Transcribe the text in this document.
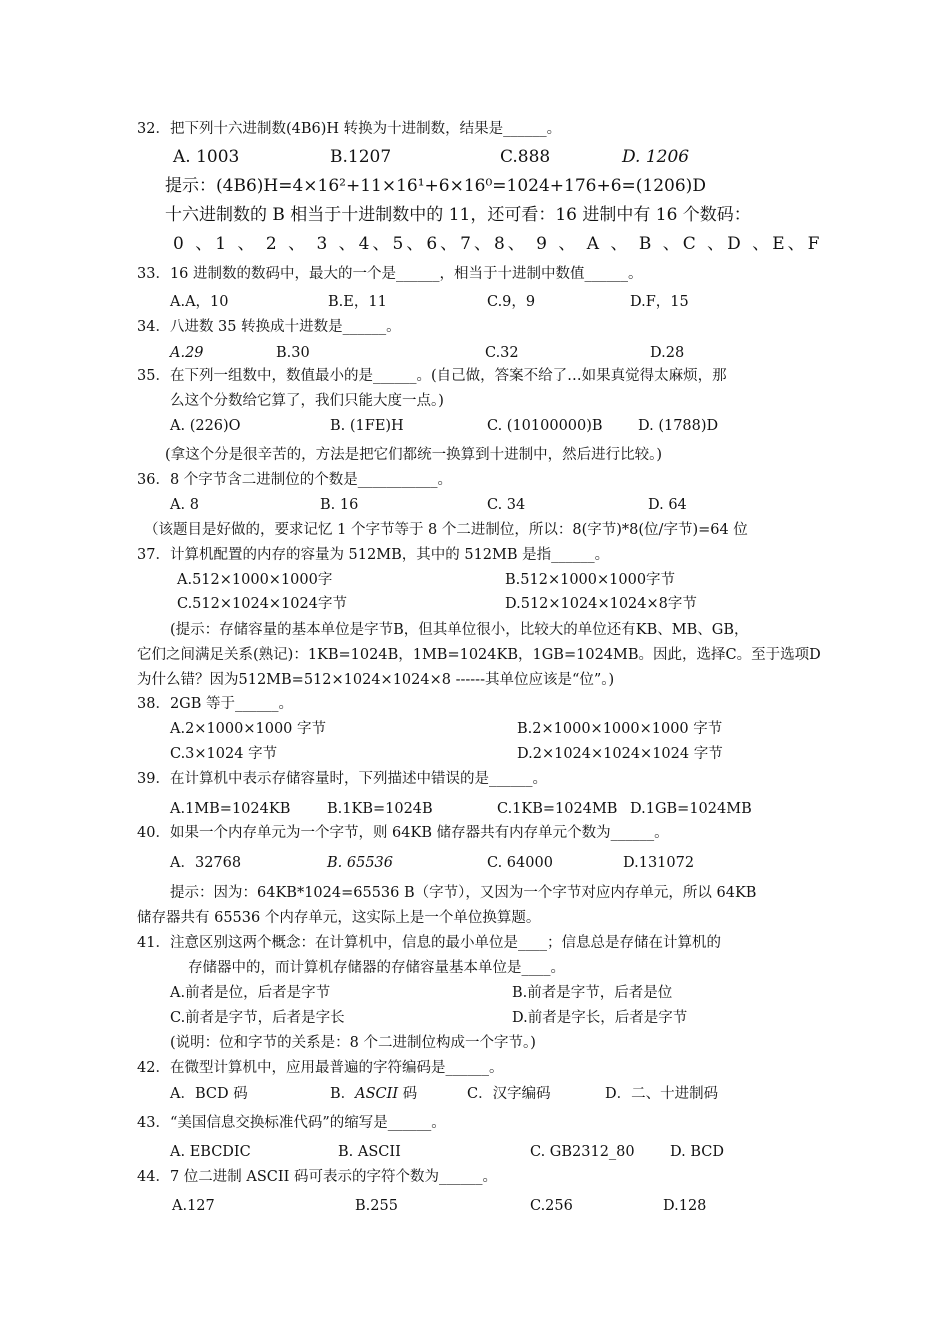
32．把下列十六进制数(4B6)H 转换为十进制数，结果是______。
A. 1003	B.1207	C.888	D. 1206
提示：(4B6)H=4×16²+11×16¹+6×16⁰=1024+176+6=(1206)D
十六进制数的 B 相当于十进制数中的 11，还可看：16 进制中有 16 个数码：
0 、1 、 2 、 3 、4、5、6、7、8、 9 、 A 、 B 、C 、D 、E、F
33．16 进制数的数码中，最大的一个是______，相当于十进制中数值______。
A.A，10	B.E，11	C.9，9	D.F，15
34．八进数 35 转换成十进数是______。
A.29	B.30	C.32	D.28
35．在下列一组数中，数值最小的是______。(自己做，答案不给了…如果真觉得太麻烦，那
么这个分数给它算了，我们只能大度一点。)
A. (226)O	B. (1FE)H	C. (10100000)B D. (1788)D
(拿这个分是很辛苦的，方法是把它们都统一换算到十进制中，然后进行比较。)
36．8 个字节含二进制位的个数是___________。
A. 8	B. 16	C. 34	D. 64
（该题目是好做的，要求记忆 1 个字节等于 8 个二进制位，所以：8(字节)*8(位/字节)=64 位
37．计算机配置的内存的容量为 512MB，其中的 512MB 是指______。
A.512×1000×1000字	B.512×1000×1000字节
C.512×1024×1024字节	D.512×1024×1024×8字节
(提示：存储容量的基本单位是字节B，但其单位很小，比较大的单位还有KB、MB、GB，
它们之间满足关系(熟记)：1KB=1024B，1MB=1024KB，1GB=1024MB。因此，选择C。至于选项D
为什么错？因为512MB=512×1024×1024×8 ------其单位应该是“位”。)
38．2GB 等于______。
A.2×1000×1000 字节	B.2×1000×1000×1000 字节
C.3×1024 字节	D.2×1024×1024×1024 字节
39．在计算机中表示存储容量时，下列描述中错误的是______。
A.1MB=1024KB	B.1KB=1024B	C.1KB=1024MB D.1GB=1024MB
40．如果一个内存单元为一个字节，则 64KB 储存器共有内存单元个数为______。
A．32768	B. 65536	C. 64000	D.131072
提示：因为：64KB*1024=65536 B（字节），又因为一个字节对应内存单元，所以 64KB
储存器共有 65536 个内存单元，这实际上是一个单位换算题。
41．注意区别这两个概念：在计算机中，信息的最小单位是____；信息总是存储在计算机的
存储器中的，而计算机存储器的存储容量基本单位是____。
A.前者是位，后者是字节	B.前者是字节，后者是位
C.前者是字节，后者是字长	D.前者是字长，后者是字节
(说明：位和字节的关系是：8 个二进制位构成一个字节。)
42．在微型计算机中，应用最普遍的字符编码是______。
A．BCD 码	B．ASCII 码	C．汉字编码	D．二、十进制码
43．“美国信息交换标准代码”的缩写是______。
A. EBCDIC	B. ASCII	C. GB2312_80 D. BCD
44．7 位二进制 ASCII 码可表示的字符个数为______。
A.127	B.255	C.256	D.128
